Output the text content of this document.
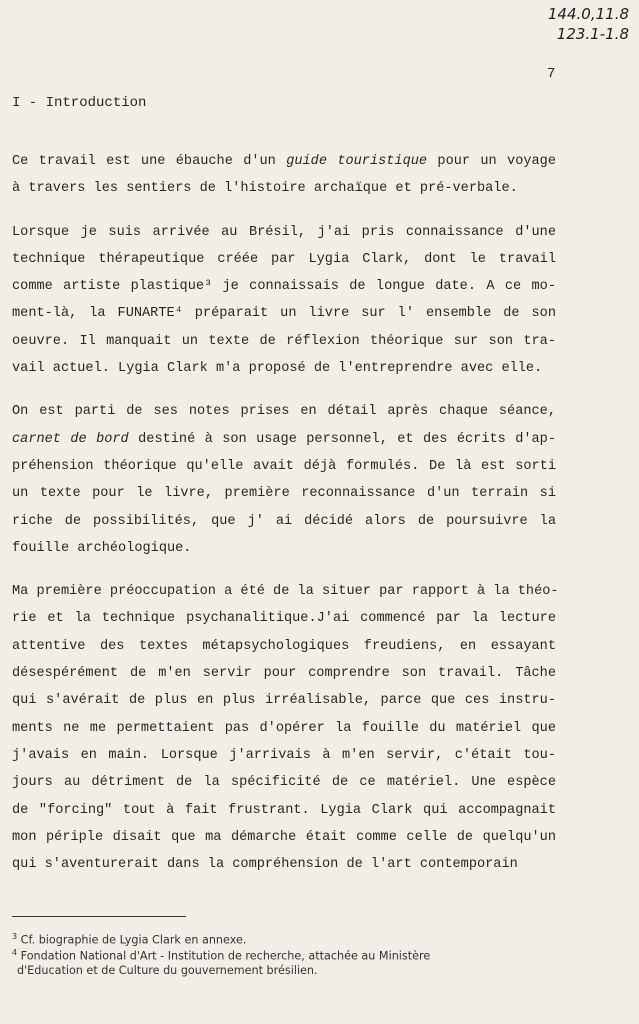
144.0,11.8
123.1-1.8
7
I - Introduction

Ce travail est une ébauche d'un guide touristique pour un voyage
à travers les sentiers de l'histoire archaïque et pré-verbale.

Lorsque je suis arrivée au Brésil, j'ai pris connaissance d'une
technique thérapeutique créée par Lygia Clark, dont le travail
comme artiste plastique³ je connaissais de longue date. A ce mo-
ment-là, la FUNARTE⁴ préparait un livre sur l' ensemble de son
oeuvre. Il manquait un texte de réflexion théorique sur son tra-
vail actuel. Lygia Clark m'a proposé de l'entreprendre avec elle.

On est parti de ses notes prises en détail après chaque séance,
carnet de bord destiné à son usage personnel, et des écrits d'ap-
préhension théorique qu'elle avait déjà formulés. De là est sorti
un texte pour le livre, première reconnaissance d'un terrain si
riche de possibilités, que j' ai décidé alors de poursuivre la
fouille archéologique.

Ma première préoccupation a été de la situer par rapport à la théo-
rie et la technique psychanalitique.J'ai commencé par la lecture
attentive des textes métapsychologiques freudiens, en essayant
désespérément de m'en servir pour comprendre son travail. Tâche
qui s'avérait de plus en plus irréalisable, parce que ces instru-
ments ne me permettaient pas d'opérer la fouille du matériel que
j'avais en main. Lorsque j'arrivais à m'en servir, c'était tou-
jours au détriment de la spécificité de ce matériel. Une espèce
de "forcing" tout à fait frustrant. Lygia Clark qui accompagnait
mon périple disait que ma démarche était comme celle de quelqu'un
qui s'aventurerait dans la compréhension de l'art contemporain

$^3$ Cf. biographie de Lygia Clark en annexe.
$^4$ Fondation National d'Art - Institution de recherche, attachée au Ministère
d'Education et de Culture du gouvernement brésilien.
